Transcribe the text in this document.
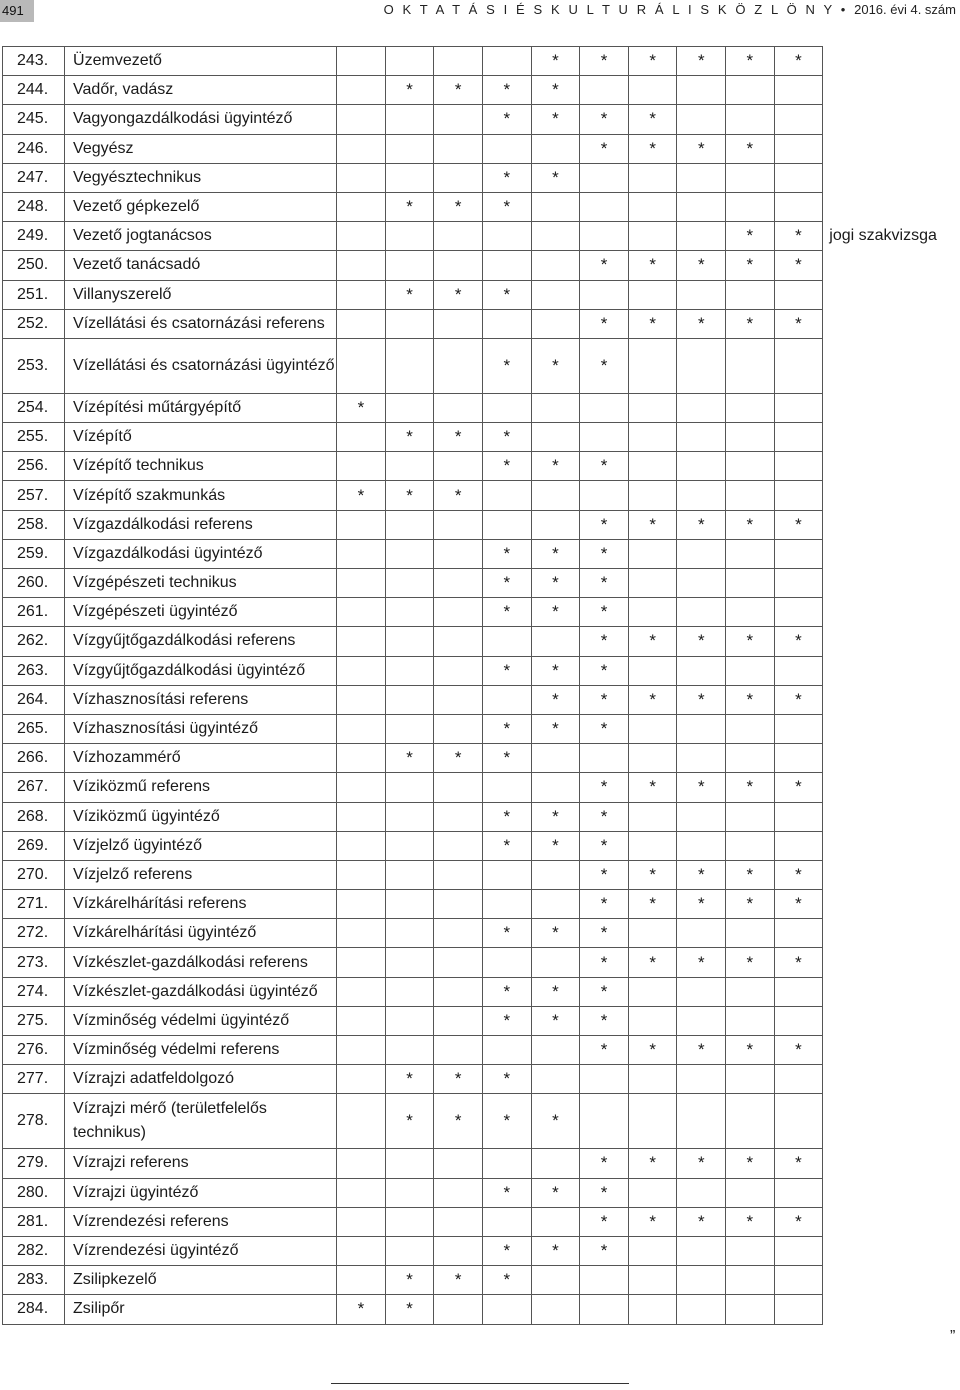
491	O K T A T Á S I É S K U L T U R Á L I S K Ö Z L Ö N Y • 2016. évi 4. szám
243.	Üzemvezető					*	*	*	*	*	*	
244.	Vadőr, vadász		*	*	*	*						
245.	Vagyongazdálkodási ügyintéző				*	*	*	*				
246.	Vegyész						*	*	*	*		
247.	Vegyésztechnikus				*	*						
248.	Vezető gépkezelő		*	*	*							
249.	Vezető jogtanácsos									*	*	jogi szakvizsga
250.	Vezető tanácsadó						*	*	*	*	*	
251.	Villanyszerelő		*	*	*							
252.	Vízellátási és csatornázási referens						*	*	*	*	*	
253.	Vízellátási és csatornázási ügyintéző				*	*	*					
254.	Vízépítési műtárgyépítő	*										
255.	Vízépítő		*	*	*							
256.	Vízépítő technikus				*	*	*					
257.	Vízépítő szakmunkás	*	*	*								
258.	Vízgazdálkodási referens						*	*	*	*	*	
259.	Vízgazdálkodási ügyintéző				*	*	*					
260.	Vízgépészeti technikus				*	*	*					
261.	Vízgépészeti ügyintéző				*	*	*					
262.	Vízgyűjtőgazdálkodási referens						*	*	*	*	*	
263.	Vízgyűjtőgazdálkodási ügyintéző				*	*	*					
264.	Vízhasznosítási referens					*	*	*	*	*	*	
265.	Vízhasznosítási ügyintéző				*	*	*					
266.	Vízhozammérő		*	*	*							
267.	Víziközmű referens						*	*	*	*	*	
268.	Víziközmű ügyintéző				*	*	*					
269.	Vízjelző ügyintéző				*	*	*					
270.	Vízjelző referens						*	*	*	*	*	
271.	Vízkárelhárítási referens						*	*	*	*	*	
272.	Vízkárelhárítási ügyintéző				*	*	*					
273.	Vízkészlet-gazdálkodási referens						*	*	*	*	*	
274.	Vízkészlet-gazdálkodási ügyintéző				*	*	*					
275.	Vízminőség védelmi ügyintéző				*	*	*					
276.	Vízminőség védelmi referens						*	*	*	*	*	
277.	Vízrajzi adatfeldolgozó		*	*	*							
278.	Vízrajzi mérő (területfelelős technikus)		*	*	*	*						
279.	Vízrajzi referens						*	*	*	*	*	
280.	Vízrajzi ügyintéző				*	*	*					
281.	Vízrendezési referens						*	*	*	*	*	
282.	Vízrendezési ügyintéző				*	*	*					
283.	Zsilipkezelő		*	*	*							
284.	Zsilipőr	*	*									
”
